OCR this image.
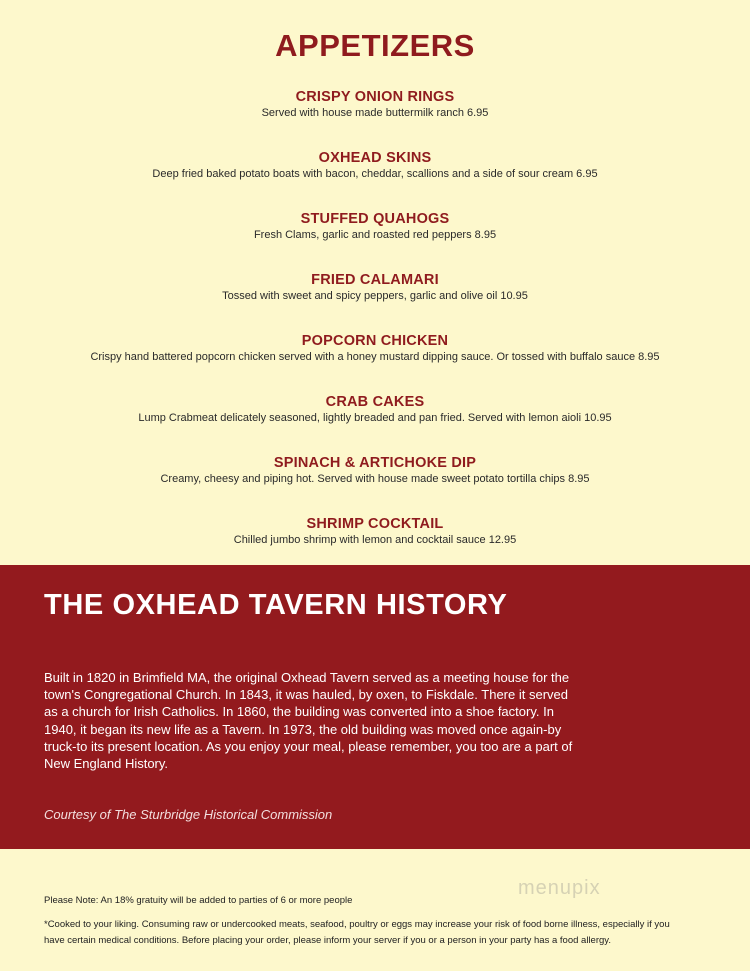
APPETIZERS
CRISPY ONION RINGS
Served with house made buttermilk ranch 6.95
OXHEAD SKINS
Deep fried baked potato boats with bacon, cheddar, scallions and a side of sour cream 6.95
STUFFED QUAHOGS
Fresh Clams, garlic and roasted red peppers 8.95
FRIED CALAMARI
Tossed with sweet and spicy peppers, garlic and olive oil 10.95
POPCORN CHICKEN
Crispy hand battered popcorn chicken served with a honey mustard dipping sauce. Or tossed with buffalo sauce 8.95
CRAB CAKES
Lump Crabmeat delicately seasoned, lightly breaded and pan fried. Served with lemon aioli 10.95
SPINACH & ARTICHOKE DIP
Creamy, cheesy and piping hot. Served with house made sweet potato tortilla chips 8.95
SHRIMP COCKTAIL
Chilled jumbo shrimp with lemon and cocktail sauce 12.95
THE OXHEAD TAVERN HISTORY
Built in 1820 in Brimfield MA, the original Oxhead Tavern served as a meeting house for the town's Congregational Church. In 1843, it was hauled, by oxen, to Fiskdale. There it served as a church for Irish Catholics. In 1860, the building was converted into a shoe factory. In 1940, it began its new life as a Tavern. In 1973, the old building was moved once again-by truck-to its present location. As you enjoy your meal, please remember, you too are a part of New England History.
Courtesy of The Sturbridge Historical Commission
menupix
Please Note: An 18% gratuity will be added to parties of 6 or more people
*Cooked to your liking. Consuming raw or undercooked meats, seafood, poultry or eggs may increase your risk of food borne illness, especially if you have certain medical conditions. Before placing your order, please inform your server if you or a person in your party has a food allergy.
